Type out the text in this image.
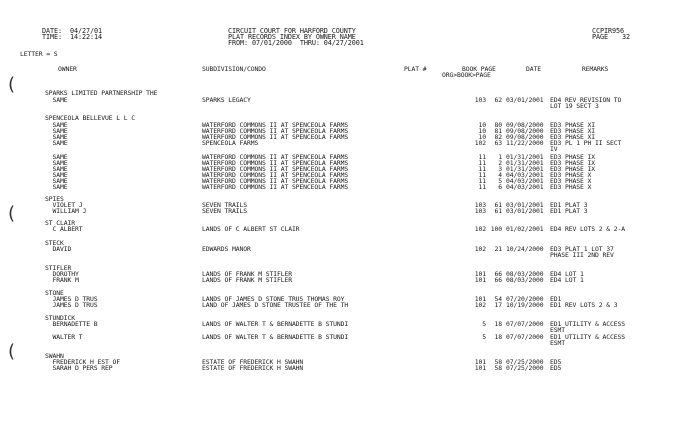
DATE: 04/27/01
TIME: 14:22:14
CIRCUIT COURT FOR HARFORD COUNTY
PLAT RECORDS INDEX BY OWNER NAME
FROM: 07/01/2000  THRU: 04/27/2001
CCPIR956
PAGE 32
LETTER = S
OWNER	SUBDIVISION/CONDO	PLAT #	BOOK PAGE
ORG>BOOK>PAGE
DATE	REMARKS
(
(
(
SPARKS LIMITED PARTNERSHIP THE
SAME	SPARKS LEGACY	103	62 03/01/2001 ED4 REV REVISION TO
LOT 19 SECT 3
SPENCEOLA BELLEVUE L L C
SAME	WATERFORD COMMONS II AT SPENCEOLA FARMS	10	80 09/08/2000 ED3 PHASE XI
SAME	WATERFORD COMMONS II AT SPENCEOLA FARMS	10	81 09/08/2000 ED3 PHASE XI
SAME	WATERFORD COMMONS II AT SPENCEOLA FARMS	10	82 09/08/2000 ED3 PHASE XI
SAME	SPENCEOLA FARMS	102	63 11/22/2000 ED3 PL 1 PH II SECT
IV
SAME	WATERFORD COMMONS II AT SPENCEOLA FARMS	11	1 01/31/2001 ED3 PHASE IX
SAME	WATERFORD COMMONS II AT SPENCEOLA FARMS	11	2 01/31/2001 ED3 PHASE IX
SAME	WATERFORD COMMONS II AT SPENCEOLA FARMS	11	3 01/31/2001 ED3 PHASE IX
SAME	WATERFORD COMMONS II AT SPENCEOLA FARMS	11	4 04/03/2001 ED3 PHASE X
SAME	WATERFORD COMMONS II AT SPENCEOLA FARMS	11	5 04/03/2001 ED3 PHASE X
SAME	WATERFORD COMMONS II AT SPENCEOLA FARMS	11	6 04/03/2001 ED3 PHASE X
SPIES
VIOLET J	SEVEN TRAILS	103	61 03/01/2001 ED1 PLAT 3
WILLIAM J	SEVEN TRAILS	103	61 03/01/2001 ED1 PLAT 3
ST CLAIR
C ALBERT	LANDS OF C ALBERT ST CLAIR	102 100 01/02/2001 ED4 REV LOTS 2 & 2-A
STECK
DAVID	EDWARDS MANOR	102	21 10/24/2000 ED3 PLAT 1 LOT 37
PHASE III 2ND REV
STIFLER
DOROTHY	LANDS OF FRANK M STIFLER	101	66 08/03/2000 ED4 LOT 1
FRANK M	LANDS OF FRANK M STIFLER	101	66 08/03/2000 ED4 LOT 1
STONE
JAMES D TRUS	LANDS OF JAMES D STONE TRUS THOMAS ROY	101	54 07/20/2000 ED1
JAMES D TRUS	LAND OF JAMES D STONE TRUSTEE OF THE TH	102	17 10/19/2000 ED1 REV LOTS 2 & 3
STUNDICK
BERNADETTE B	LANDS OF WALTER T & BERNADETTE B STUNDI	5	18 07/07/2000 ED1 UTILITY & ACCESS
ESMT
WALTER T	LANDS OF WALTER T & BERNADETTE B STUNDI	5	18 07/07/2000 ED1 UTILITY & ACCESS
ESMT
SWAHN
FREDERICK H EST OF	ESTATE OF FREDERICK H SWAHN	101	58 07/25/2000 ED5
SARAH D PERS REP	ESTATE OF FREDERICK H SWAHN	101	58 07/25/2000 ED5
